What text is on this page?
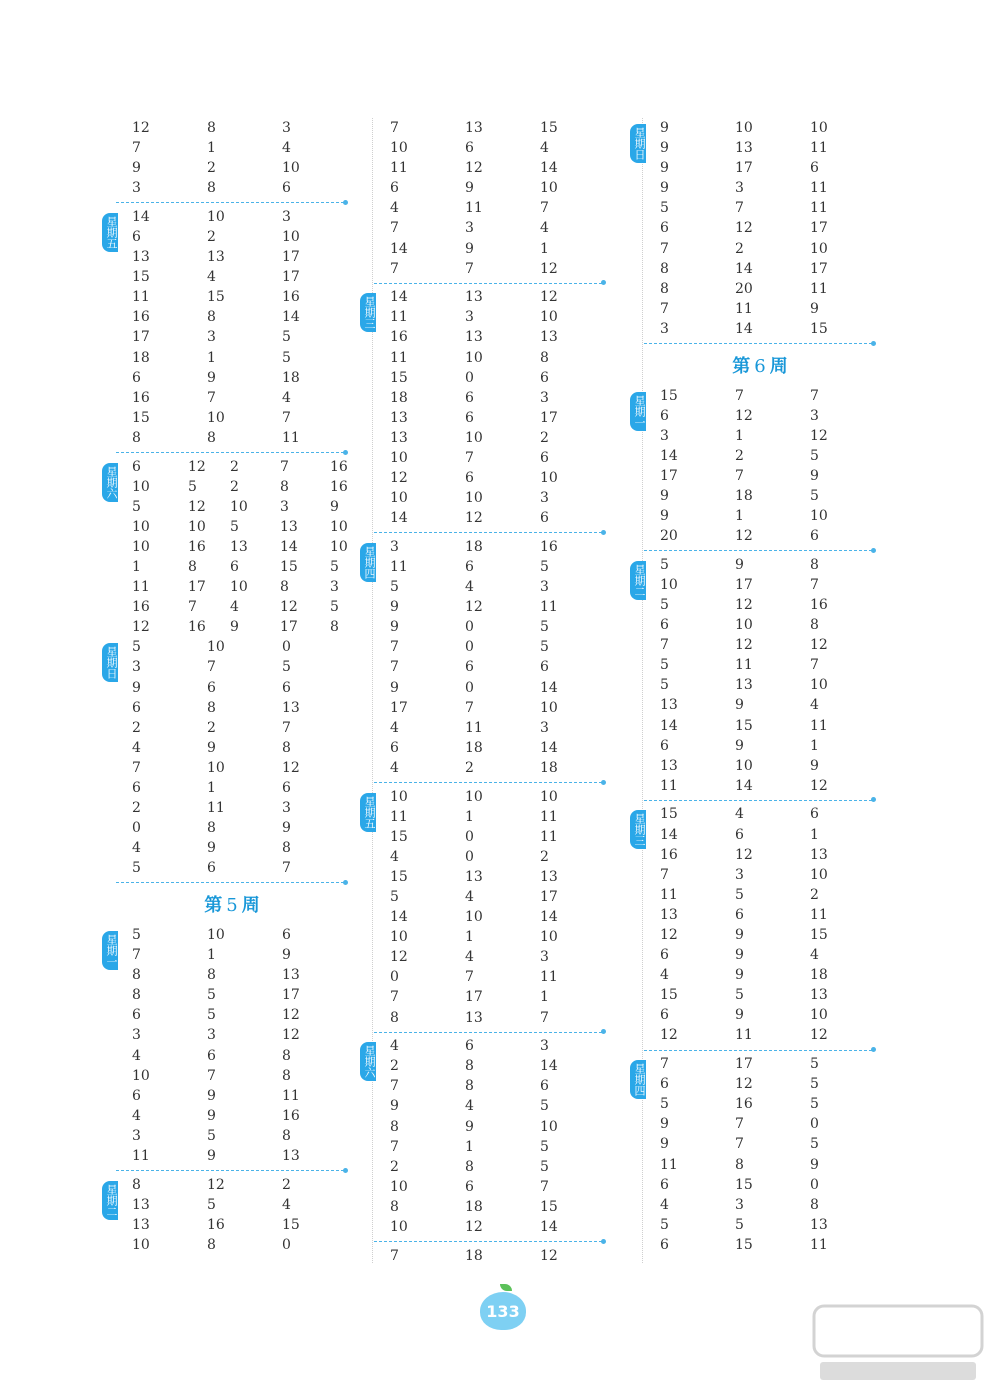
12	8	3
7	1	4
9	2	10
3	8	6
星期五 14	10	3
6	2	10
13	13	17
15	4	17
11	15	16
16	8	14
17	3	5
18	1	5
6	9	18
16	7	4
15	10	7
8	8	11
星期六 6	12 2	7	16
10	5 2	8	16
5	12 10 3	9
10	10 5	13 10
10	16 13 14 10
1	8 6	15 5
11	17 10 8	3
16	7 4	12 5
12	16 9	17 8
星期日 5	10	0
3	7	5
9	6	6
6	8	13
2	2	7
4	9	8
7	10	12
6	1	6
2	11	3
0	8	9
4	9	8
5	6	7
第 5 周
星期一 5	10	6
7	1	9
8	8	13
8	5	17
6	5	12
3	3	12
4	6	8
10	7	8
6	9	11
4	9	16
3	5	8
11	9	13
星期二 8	12	2
13	5	4
13	16	15
10	8	0
7	13	15
10	6	4
11	12	14
6	9	10
4	11	7
7	3	4
14	9	1
7	7	12
星期三 14	13	12
11	3	10
16	13	13
11	10	8
15	0	6
18	6	3
13	6	17
13	10	2
10	7	6
12	6	10
10	10	3
14	12	6
星期四 3	18	16
11	6	5
5	4	3
9	12	11
9	0	5
7	0	5
7	6	6
9	0	14
17	7	10
4	11	3
6	18	14
4	2	18
星期五 10	10	10
11	1	11
15	0	11
4	0	2
15	13	13
5	4	17
14	10	14
10	1	10
12	4	3
0	7	11
7	17	1
8	13	7
星期六 4	6	3
2	8	14
7	8	6
9	4	5
8	9	10
7	1	5
2	8	5
10	6	7
8	18	15
10	12	14
7	18	12
星期日 9	10	10
9	13	11
9	17	6
9	3	11
5	7	11
6	12	17
7	2	10
8	14	17
8	20	11
7	11	9
3	14	15
第 6 周
星期一 15	7	7
6	12	3
3	1	12
14	2	5
17	7	9
9	18	5
9	1	10
20	12	6
星期二 5	9	8
10	17	7
5	12	16
6	10	8
7	12	12
5	11	7
5	13	10
13	9	4
14	15	11
6	9	1
13	10	9
11	14	12
星期三 15	4	6
14	6	1
16	12	13
7	3	10
11	5	2
13	6	11
12	9	15
6	9	4
4	9	18
15	5	13
6	9	10
12	11	12
星期四 7	17	5
6	12	5
5	16	5
9	7	0
9	7	5
11	8	9
6	15	0
4	3	8
5	5	13
6	15	11
133
